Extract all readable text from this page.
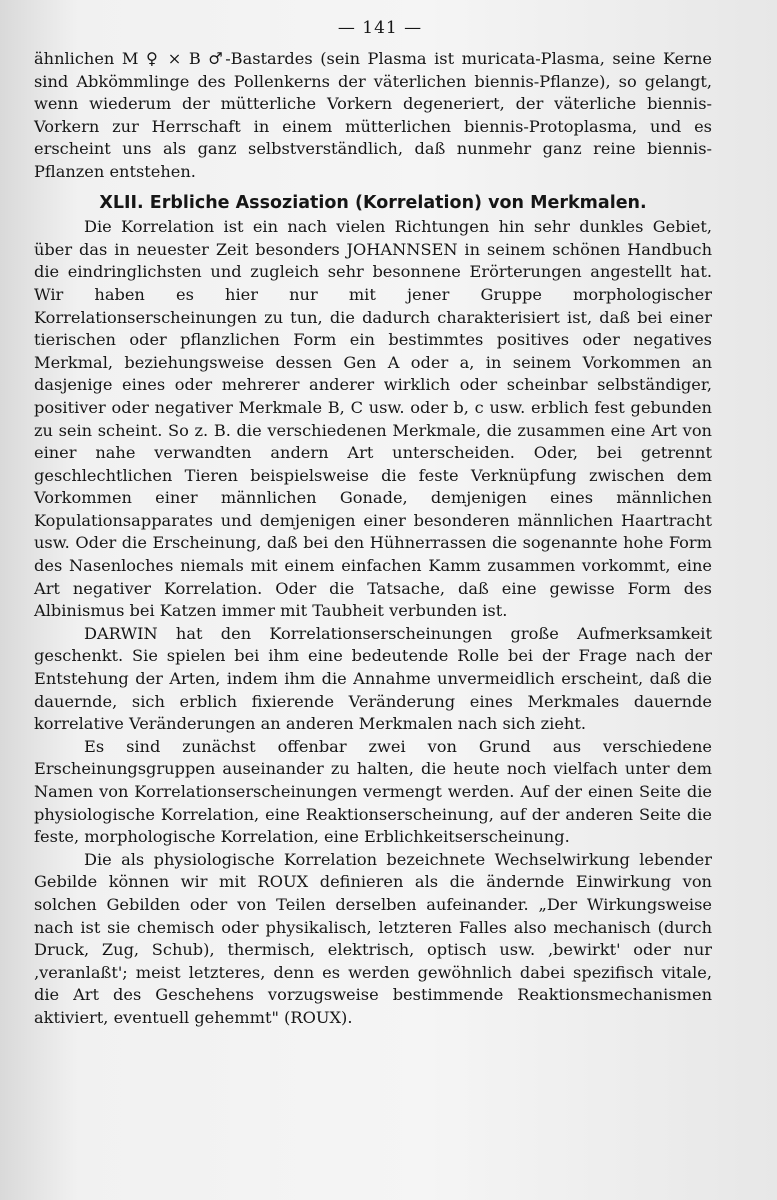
— 141 —

ähnlichen M ♀ × B ♂-Bastardes (sein Plasma ist muricata-Plasma, seine Kerne sind Abkömmlinge des Pollenkerns der väterlichen biennis-Pflanze), so gelangt, wenn wiederum der mütterliche Vorkern degeneriert, der väterliche biennis-Vorkern zur Herrschaft in einem mütterlichen biennis-Protoplasma, und es erscheint uns als ganz selbstverständlich, daß nunmehr ganz reine biennis-Pflanzen entstehen.

XLII. Erbliche Assoziation (Korrelation) von Merkmalen.

Die Korrelation ist ein nach vielen Richtungen hin sehr dunkles Gebiet, über das in neuester Zeit besonders JOHANNSEN in seinem schönen Handbuch die eindringlichsten und zugleich sehr besonnene Erörterungen angestellt hat. Wir haben es hier nur mit jener Gruppe morphologischer Korrelationserscheinungen zu tun, die dadurch charakterisiert ist, daß bei einer tierischen oder pflanzlichen Form ein bestimmtes positives oder negatives Merkmal, beziehungsweise dessen Gen A oder a, in seinem Vorkommen an dasjenige eines oder mehrerer anderer wirklich oder scheinbar selbständiger, positiver oder negativer Merkmale B, C usw. oder b, c usw. erblich fest gebunden zu sein scheint. So z. B. die verschiedenen Merkmale, die zusammen eine Art von einer nahe verwandten andern Art unterscheiden. Oder, bei getrennt geschlechtlichen Tieren beispielsweise die feste Verknüpfung zwischen dem Vorkommen einer männlichen Gonade, demjenigen eines männlichen Kopulationsapparates und demjenigen einer besonderen männlichen Haartracht usw. Oder die Erscheinung, daß bei den Hühnerrassen die sogenannte hohe Form des Nasenloches niemals mit einem einfachen Kamm zusammen vorkommt, eine Art negativer Korrelation. Oder die Tatsache, daß eine gewisse Form des Albinismus bei Katzen immer mit Taubheit verbunden ist.

DARWIN hat den Korrelationserscheinungen große Aufmerksamkeit geschenkt. Sie spielen bei ihm eine bedeutende Rolle bei der Frage nach der Entstehung der Arten, indem ihm die Annahme unvermeidlich erscheint, daß die dauernde, sich erblich fixierende Veränderung eines Merkmales dauernde korrelative Veränderungen an anderen Merkmalen nach sich zieht.

Es sind zunächst offenbar zwei von Grund aus verschiedene Erscheinungsgruppen auseinander zu halten, die heute noch vielfach unter dem Namen von Korrelationserscheinungen vermengt werden. Auf der einen Seite die physiologische Korrelation, eine Reaktionserscheinung, auf der anderen Seite die feste, morphologische Korrelation, eine Erblichkeitserscheinung.

Die als physiologische Korrelation bezeichnete Wechselwirkung lebender Gebilde können wir mit ROUX definieren als die ändernde Einwirkung von solchen Gebilden oder von Teilen derselben aufeinander. „Der Wirkungsweise nach ist sie chemisch oder physikalisch, letzteren Falles also mechanisch (durch Druck, Zug, Schub), thermisch, elektrisch, optisch usw. ‚bewirkt' oder nur ‚veranlaßt'; meist letzteres, denn es werden gewöhnlich dabei spezifisch vitale, die Art des Geschehens vorzugsweise bestimmende Reaktionsmechanismen aktiviert, eventuell gehemmt" (ROUX).
